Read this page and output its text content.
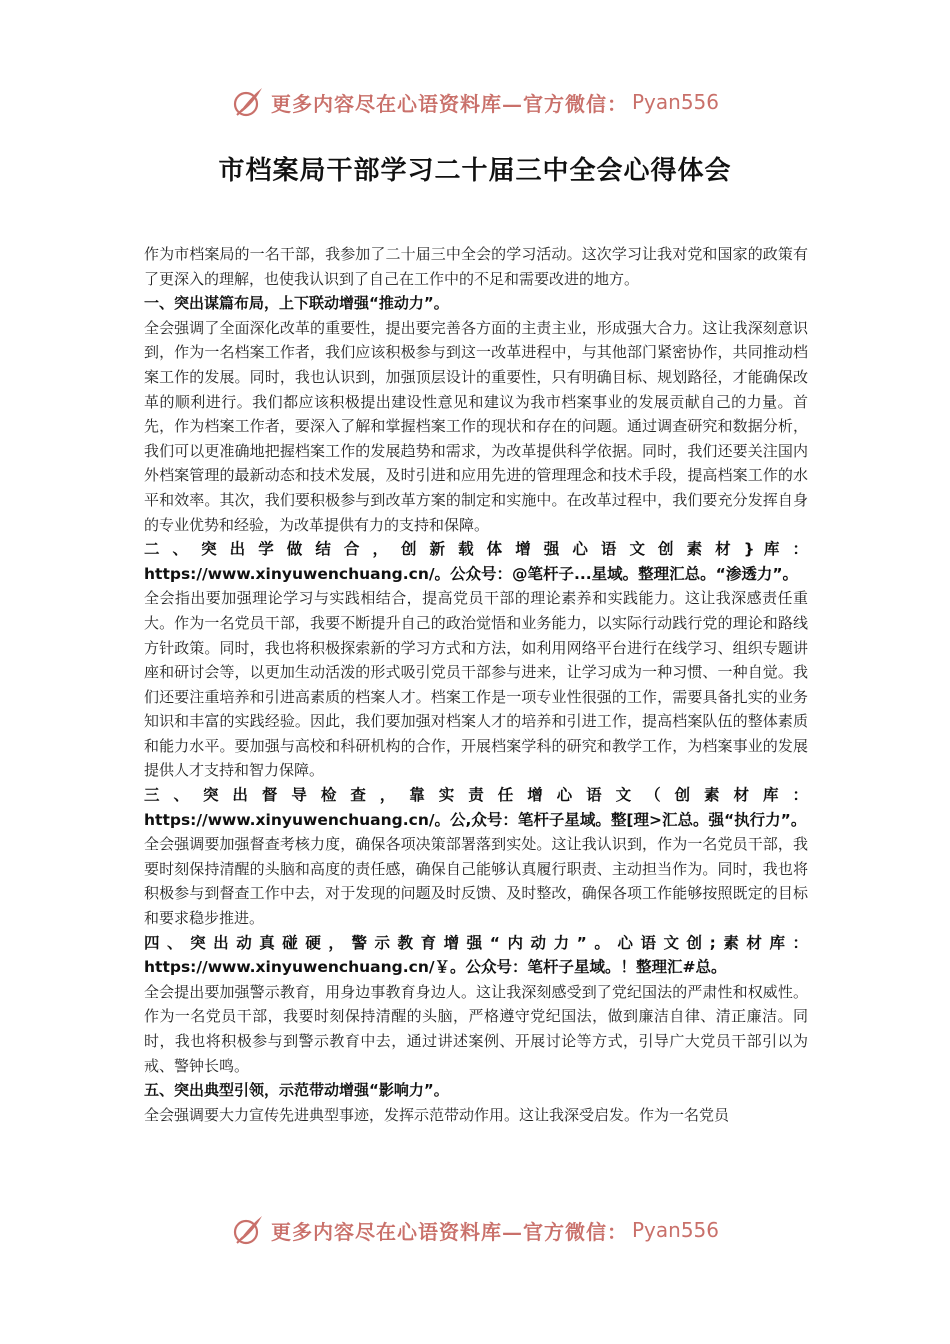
更多内容尽在心语资料库—官方微信： Pyan556
市档案局干部学习二十届三中全会心得体会

作为市档案局的一名干部，我参加了二十届三中全会的学习活动。这次学习让我对党和国家的政策有了更深入的理解，也使我认识到了自己在工作中的不足和需要改进的地方。

一、突出谋篇布局，上下联动增强“推动力”。

全会强调了全面深化改革的重要性，提出要完善各方面的主责主业，形成强大合力。这让我深刻意识到，作为一名档案工作者，我们应该积极参与到这一改革进程中，与其他部门紧密协作，共同推动档案工作的发展。同时，我也认识到，加强顶层设计的重要性，只有明确目标、规划路径，才能确保改革的顺利进行。我们都应该积极提出建设性意见和建议为我市档案事业的发展贡献自己的力量。首先，作为档案工作者，要深入了解和掌握档案工作的现状和存在的问题。通过调查研究和数据分析，我们可以更准确地把握档案工作的发展趋势和需求，为改革提供科学依据。同时，我们还要关注国内外档案管理的最新动态和技术发展，及时引进和应用先进的管理理念和技术手段，提高档案工作的水平和效率。其次，我们要积极参与到改革方案的制定和实施中。在改革过程中，我们要充分发挥自身的专业优势和经验，为改革提供有力的支持和保障。

二 、 突 出 学 做 结 合 ， 创 新 载 体 增 强 心 语 文 创 素 材 } 库 ： https://www.xinyuwenchuang.cn/。公众号：@笔杆子...星域。整理汇总。“渗透力”。

全会指出要加强理论学习与实践相结合，提高党员干部的理论素养和实践能力。这让我深感责任重大。作为一名党员干部，我要不断提升自己的政治觉悟和业务能力，以实际行动践行党的理论和路线方针政策。同时，我也将积极探索新的学习方式和方法，如利用网络平台进行在线学习、组织专题讲座和研讨会等，以更加生动活泼的形式吸引党员干部参与进来，让学习成为一种习惯、一种自觉。我们还要注重培养和引进高素质的档案人才。档案工作是一项专业性很强的工作，需要具备扎实的业务知识和丰富的实践经验。因此，我们要加强对档案人才的培养和引进工作，提高档案队伍的整体素质和能力水平。要加强与高校和科研机构的合作，开展档案学科的研究和教学工作，为档案事业的发展提供人才支持和智力保障。

三 、 突 出 督 导 检 查 ， 靠 实 责 任 增 心 语 文 （ 创 素 材 库 ： https://www.xinyuwenchuang.cn/。公,众号：笔杆子星域。整[理>汇总。强“执行力”。

全会强调要加强督查考核力度，确保各项决策部署落到实处。这让我认识到，作为一名党员干部，我要时刻保持清醒的头脑和高度的责任感，确保自己能够认真履行职责、主动担当作为。同时，我也将积极参与到督查工作中去，对于发现的问题及时反馈、及时整改，确保各项工作能够按照既定的目标和要求稳步推进。

四、突出动真碰硬，警示教育增强“内动力”。心语文创;素材库：https://www.xinyuwenchuang.cn/￥。公众号：笔杆子星域。！整理汇#总。

全会提出要加强警示教育，用身边事教育身边人。这让我深刻感受到了党纪国法的严肃性和权威性。作为一名党员干部，我要时刻保持清醒的头脑，严格遵守党纪国法，做到廉洁自律、清正廉洁。同时，我也将积极参与到警示教育中去，通过讲述案例、开展讨论等方式，引导广大党员干部引以为戒、警钟长鸣。

五、突出典型引领，示范带动增强“影响力”。

全会强调要大力宣传先进典型事迹，发挥示范带动作用。这让我深受启发。作为一名党员

更多内容尽在心语资料库—官方微信： Pyan556
